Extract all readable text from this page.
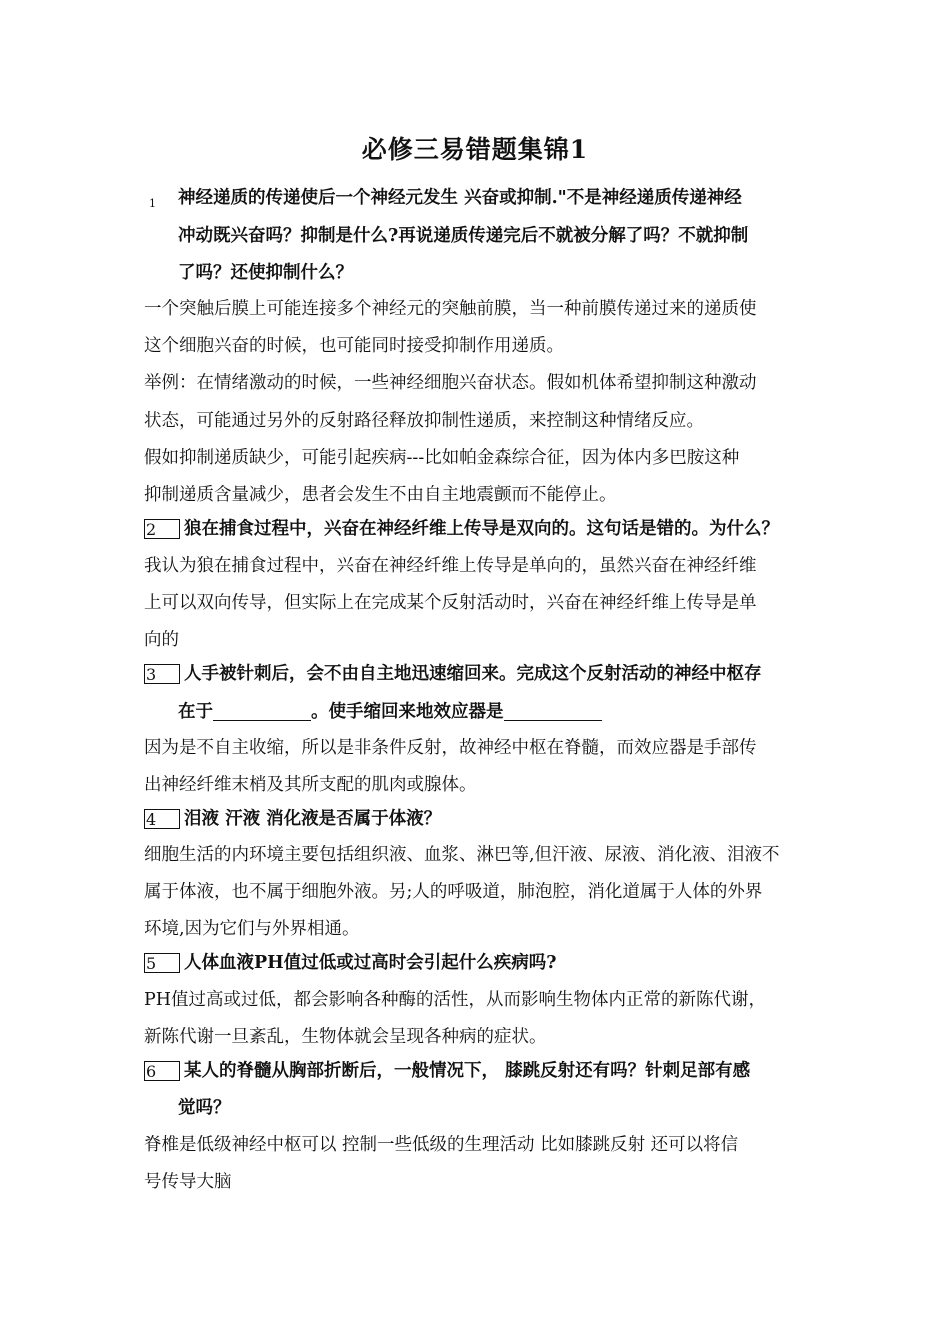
必修三易错题集锦1
1 神经递质的传递使后一个神经元发生 兴奋或抑制."不是神经递质传递神经
冲动既兴奋吗？抑制是什么?再说递质传递完后不就被分解了吗？不就抑制
了吗？还使抑制什么？
一个突触后膜上可能连接多个神经元的突触前膜，当一种前膜传递过来的递质使
这个细胞兴奋的时候，也可能同时接受抑制作用递质。
举例：在情绪激动的时候，一些神经细胞兴奋状态。假如机体希望抑制这种激动
状态，可能通过另外的反射路径释放抑制性递质，来控制这种情绪反应。
假如抑制递质缺少，可能引起疾病---比如帕金森综合征，因为体内多巴胺这种
抑制递质含量减少，患者会发生不由自主地震颤而不能停止。
2	狼在捕食过程中，兴奋在神经纤维上传导是双向的。这句话是错的。为什么？
我认为狼在捕食过程中，兴奋在神经纤维上传导是单向的，虽然兴奋在神经纤维
上可以双向传导，但实际上在完成某个反射活动时，兴奋在神经纤维上传导是单
向的
3	人手被针刺后，会不由自主地迅速缩回来。完成这个反射活动的神经中枢存
在于	。使手缩回来地效应器是
因为是不自主收缩，所以是非条件反射，故神经中枢在脊髓，而效应器是手部传
出神经纤维末梢及其所支配的肌肉或腺体。
4	泪液 汗液 消化液是否属于体液？
细胞生活的内环境主要包括组织液、血浆、淋巴等,但汗液、尿液、消化液、泪液不
属于体液，也不属于细胞外液。另;人的呼吸道，肺泡腔，消化道属于人体的外界
环境,因为它们与外界相通。
5	人体血液PH值过低或过高时会引起什么疾病吗?
PH值过高或过低，都会影响各种酶的活性，从而影响生物体内正常的新陈代谢，
新陈代谢一旦紊乱，生物体就会呈现各种病的症状。
6	某人的脊髓从胸部折断后，一般情况下， 膝跳反射还有吗？针刺足部有感
觉吗？
脊椎是低级神经中枢可以 控制一些低级的生理活动 比如膝跳反射 还可以将信
号传导大脑
